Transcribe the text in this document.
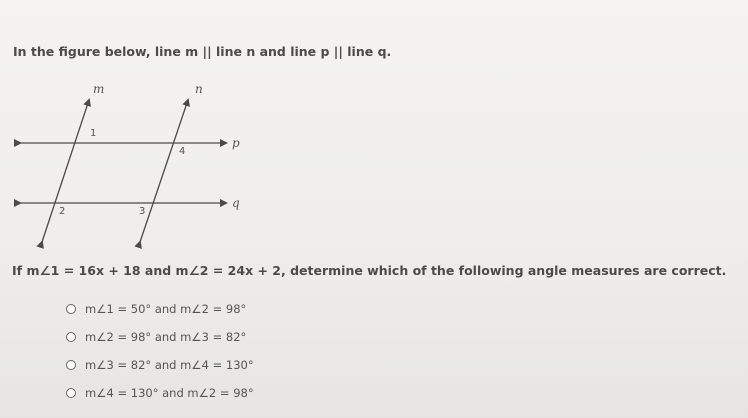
In the figure below, line m || line n and line p || line q.
m	n
p
q
1
2	3
4
If m∠1 = 16x + 18 and m∠2 = 24x + 2, determine which of the following angle measures are correct.
m∠1 = 50° and m∠2 = 98°
m∠2 = 98° and m∠3 = 82°
m∠3 = 82° and m∠4 = 130°
m∠4 = 130° and m∠2 = 98°
